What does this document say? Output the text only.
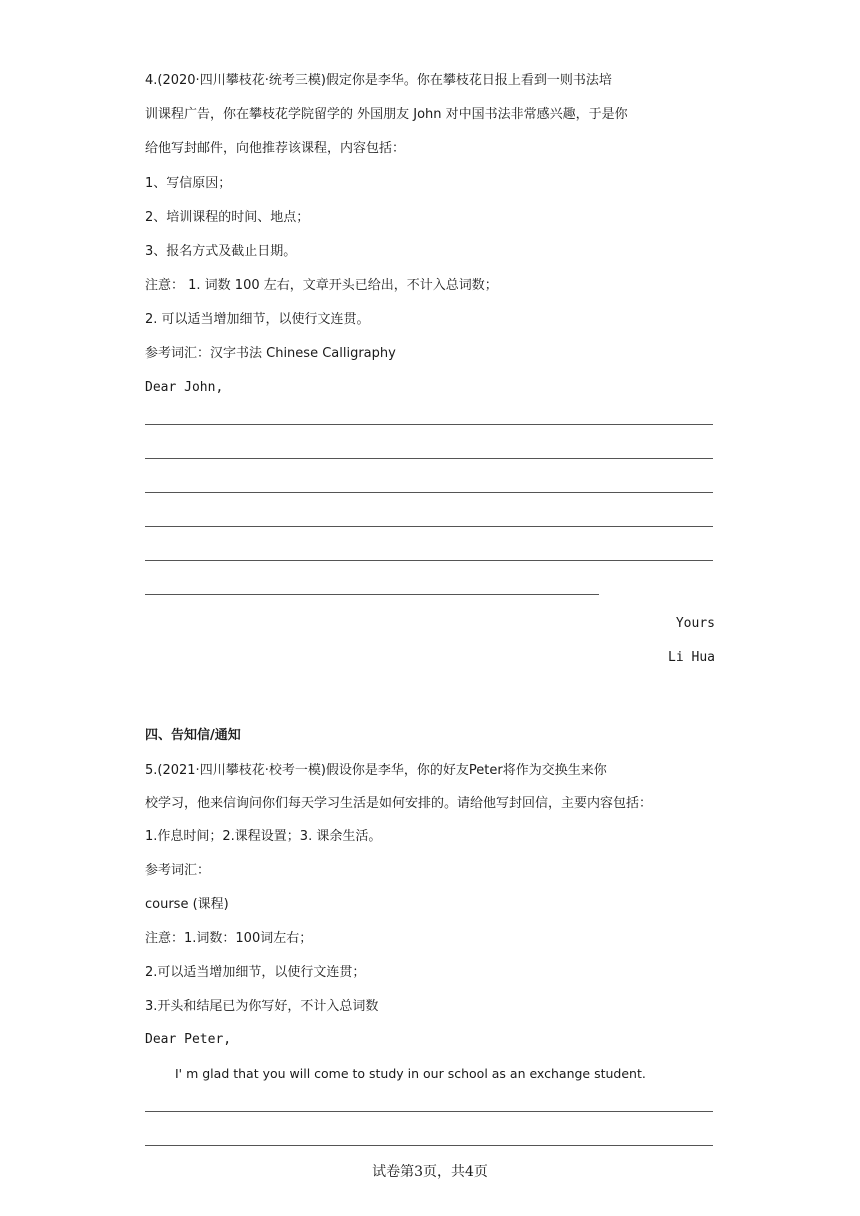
4.(2020·四川攀枝花·统考三模)假定你是李华。你在攀枝花日报上看到一则书法培
训课程广告，你在攀枝花学院留学的 外国朋友 John 对中国书法非常感兴趣，于是你
给他写封邮件，向他推荐该课程，内容包括：
1、写信原因；
2、培训课程的时间、地点；
3、报名方式及截止日期。
注意： 1. 词数 100 左右，文章开头已给出，不计入总词数；
2. 可以适当增加细节，以使行文连贯。
参考词汇：汉字书法 Chinese Calligraphy
Dear John,
Yours
Li Hua
四、告知信/通知
5.(2021·四川攀枝花·校考一模)假设你是李华，你的好友Peter将作为交换生来你
校学习，他来信询问你们每天学习生活是如何安排的。请给他写封回信，主要内容包括：
1.作息时间；2.课程设置；3. 课余生活。
参考词汇：
course (课程)
注意：1.词数：100词左右；
2.可以适当增加细节，以使行文连贯；
3.开头和结尾已为你写好，不计入总词数
Dear Peter,
I' m glad that you will come to study in our school as an exchange student.
试卷第3页，共4页
